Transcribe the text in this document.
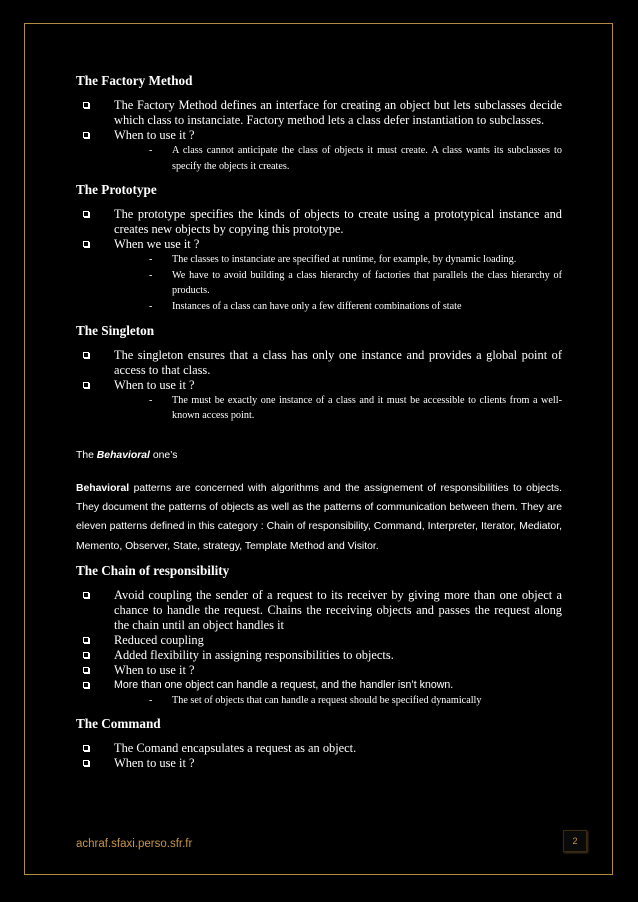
The Factory Method
The Factory Method defines an interface for creating an object but lets subclasses decide which class to instanciate. Factory method lets a class defer instantiation to subclasses.
When to use it ?
- A class cannot anticipate the class of objects it must create. A class wants its subclasses to specify the objects it creates.
The Prototype
The prototype specifies the kinds of objects to create using a prototypical instance and creates new objects by copying this prototype.
When we use it ?
- The classes to instanciate are specified at runtime, for example, by dynamic loading.
- We have to avoid building a class hierarchy of factories that parallels the class hierarchy of products.
- Instances of a class can have only a few different combinations of state
The Singleton
The singleton ensures that a class has only one instance and provides a global point of access to that class.
When to use it ?
- The must be exactly one instance of a class and it must be accessible to clients from a well-known access point.
The Behavioral one’s

Behavioral patterns are concerned with algorithms and the assignement of responsibilities to objects. They document the patterns of objects as well as the patterns of communication between them. They are eleven patterns defined in this category : Chain of responsibility, Command, Interpreter, Iterator, Mediator, Memento, Observer, State, strategy, Template Method and Visitor.

The Chain of responsibility
Avoid coupling the sender of a request to its receiver by giving more than one object a chance to handle the request. Chains the receiving objects and passes the request along the chain until an object handles it
Reduced coupling
Added flexibility in assigning responsibilities to objects.
When to use it ?
More than one object can handle a request, and the handler isn’t known.
- The set of objects that can handle a request should be specified dynamically
The Command
The Comand encapsulates a request as an object.
When to use it ?
achraf.sfaxi.perso.sfr.fr	2
